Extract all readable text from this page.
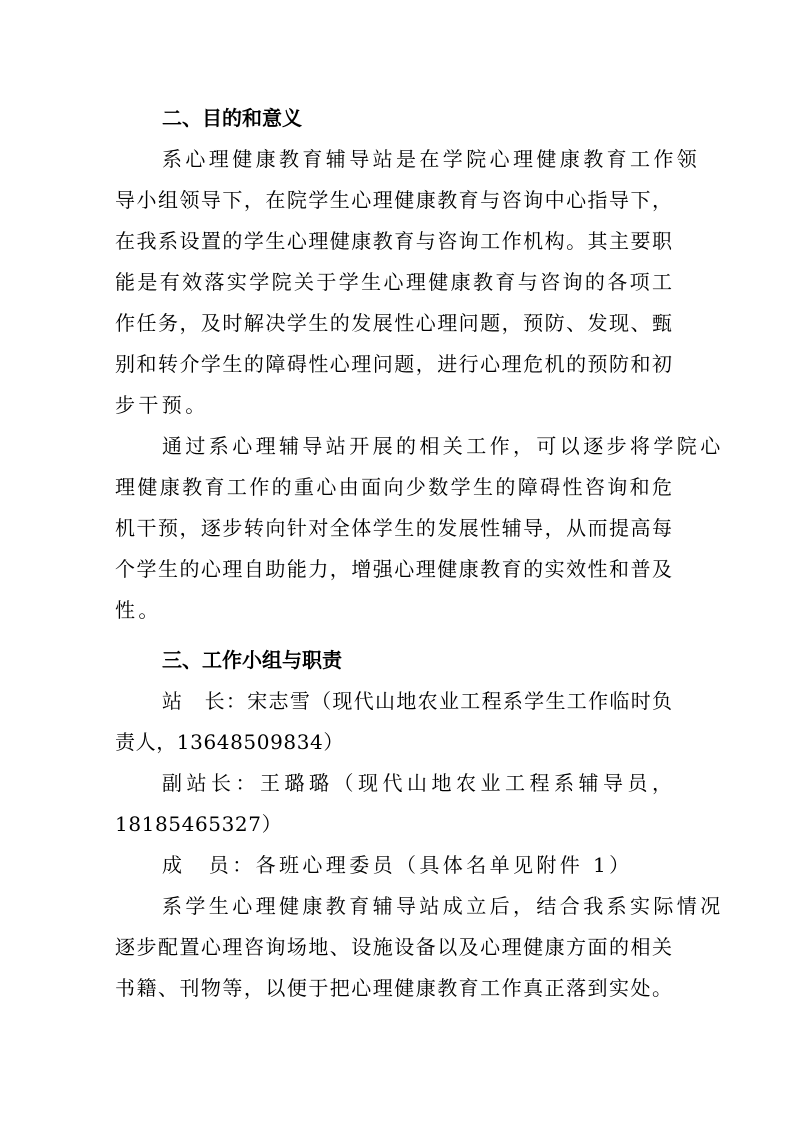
二、目的和意义
系心理健康教育辅导站是在学院心理健康教育工作领
导小组领导下，在院学生心理健康教育与咨询中心指导下，
在我系设置的学生心理健康教育与咨询工作机构。其主要职
能是有效落实学院关于学生心理健康教育与咨询的各项工
作任务，及时解决学生的发展性心理问题，预防、发现、甄
别和转介学生的障碍性心理问题，进行心理危机的预防和初
步干预。
通过系心理辅导站开展的相关工作，可以逐步将学院心
理健康教育工作的重心由面向少数学生的障碍性咨询和危
机干预，逐步转向针对全体学生的发展性辅导，从而提高每
个学生的心理自助能力，增强心理健康教育的实效性和普及
性。
三、工作小组与职责
站　长：宋志雪（现代山地农业工程系学生工作临时负
责人，13648509834）
副站长：王璐璐（现代山地农业工程系辅导员，
18185465327）
成　员：各班心理委员（具体名单见附件 1）
系学生心理健康教育辅导站成立后，结合我系实际情况
逐步配置心理咨询场地、设施设备以及心理健康方面的相关
书籍、刊物等，以便于把心理健康教育工作真正落到实处。
